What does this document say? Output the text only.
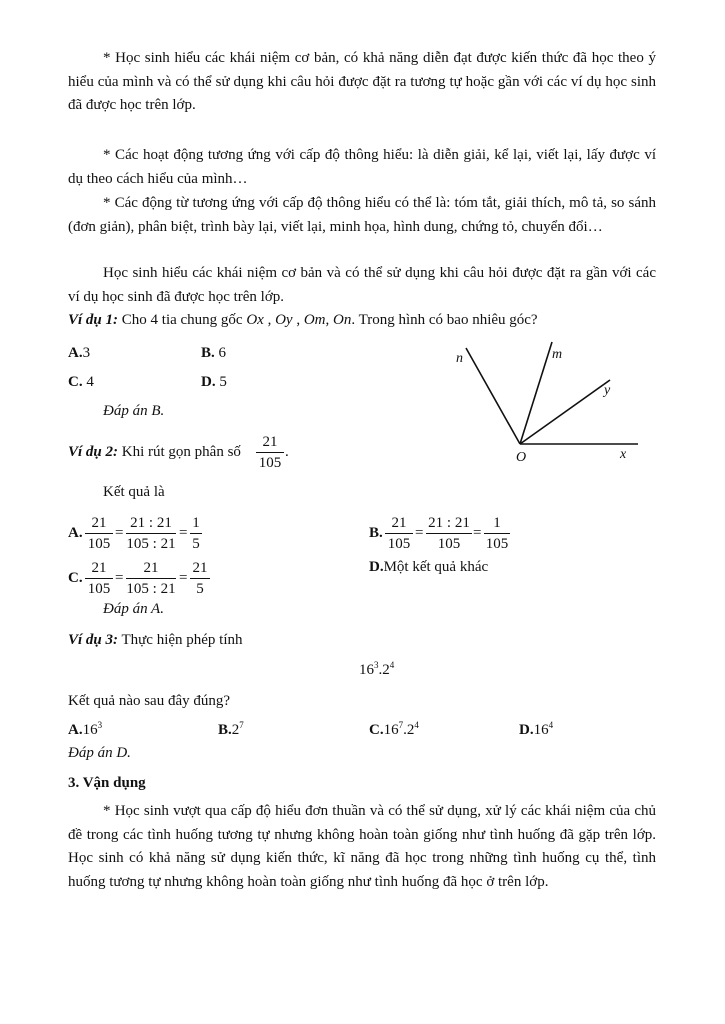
* Học sinh hiểu các khái niệm cơ bản, có khả năng diễn đạt được kiến thức đã học theo ý hiểu của mình và có thể sử dụng khi câu hỏi được đặt ra tương tự hoặc gần với các ví dụ học sinh đã được học trên lớp.
* Các hoạt động tương ứng với cấp độ thông hiểu: là diễn giải, kể lại, viết lại, lấy được ví dụ theo cách hiểu của mình…
* Các động từ tương ứng với cấp độ thông hiểu có thể là: tóm tắt, giải thích, mô tả, so sánh (đơn giản), phân biệt, trình bày lại, viết lại, minh họa, hình dung, chứng tỏ, chuyển đổi…
Học sinh hiểu các khái niệm cơ bản và có thể sử dụng khi câu hỏi được đặt ra gần với các ví dụ học sinh đã được học trên lớp.
Ví dụ 1: Cho 4 tia chung gốc Ox , Oy , Om, On. Trong hình có bao nhiêu góc?
A.3	B. 6
C. 4	D. 5
Đáp án B.
n	m
y
O	x
Ví dụ 2: Khi rút gọn phân số
21
105
.
Kết quả là
A.
21
105
=
21 : 21
105 : 21
=
1
5
B.
21
105
=
21 : 21
105
=
1
105
C.
21
105
=
21
105 : 21
=
21
5
D.Một kết quả khác
Đáp án A.
Ví dụ 3: Thực hiện phép tính
$16^3.2^4$
Kết quả nào sau đây đúng?
$A.16^3$	$B.2^7$	$C.16^7.2^4$	$D.16^4$
Đáp án D.
3. Vận dụng
* Học sinh vượt qua cấp độ hiểu đơn thuần và có thể sử dụng, xử lý các khái niệm của chủ đề trong các tình huống tương tự nhưng không hoàn toàn giống như tình huống đã gặp trên lớp. Học sinh có khả năng sử dụng kiến thức, kĩ năng đã học trong những tình huống cụ thể, tình huống tương tự nhưng không hoàn toàn giống như tình huống đã học ở trên lớp.
